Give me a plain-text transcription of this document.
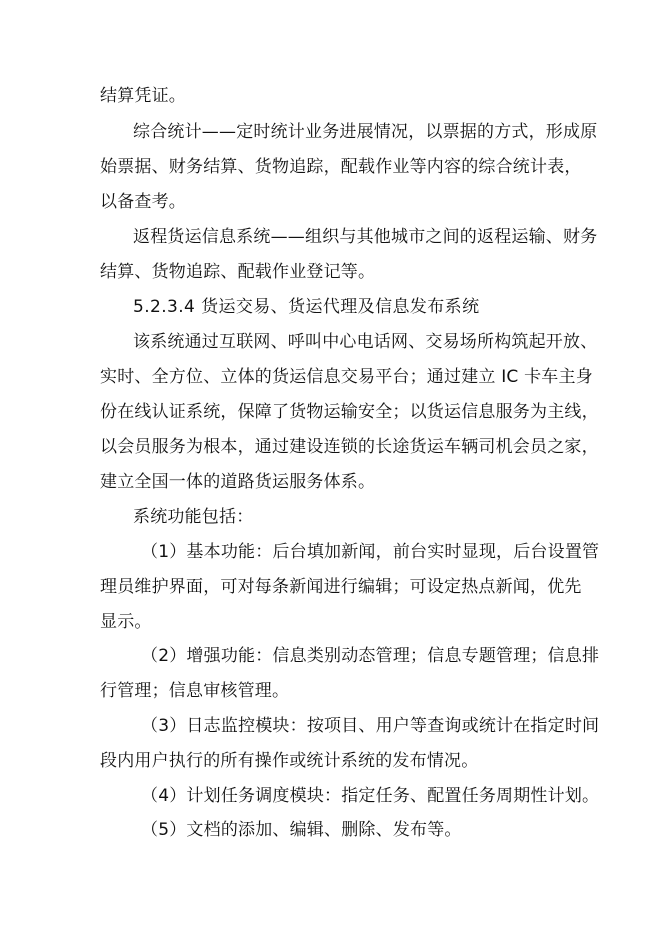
结算凭证。
综合统计——定时统计业务进展情况，以票据的方式，形成原
始票据、财务结算、货物追踪，配载作业等内容的综合统计表，
以备查考。
返程货运信息系统——组织与其他城市之间的返程运输、财务
结算、货物追踪、配载作业登记等。
5.2.3.4 货运交易、货运代理及信息发布系统
该系统通过互联网、呼叫中心电话网、交易场所构筑起开放、
实时、全方位、立体的货运信息交易平台；通过建立 IC 卡车主身
份在线认证系统，保障了货物运输安全；以货运信息服务为主线，
以会员服务为根本，通过建设连锁的长途货运车辆司机会员之家，
建立全国一体的道路货运服务体系。
系统功能包括：
（1）基本功能：后台填加新闻，前台实时显现，后台设置管
理员维护界面，可对每条新闻进行编辑；可设定热点新闻，优先
显示。
（2）增强功能：信息类别动态管理；信息专题管理；信息排
行管理；信息审核管理。
（3）日志监控模块：按项目、用户等查询或统计在指定时间
段内用户执行的所有操作或统计系统的发布情况。
（4）计划任务调度模块：指定任务、配置任务周期性计划。
（5）文档的添加、编辑、删除、发布等。
